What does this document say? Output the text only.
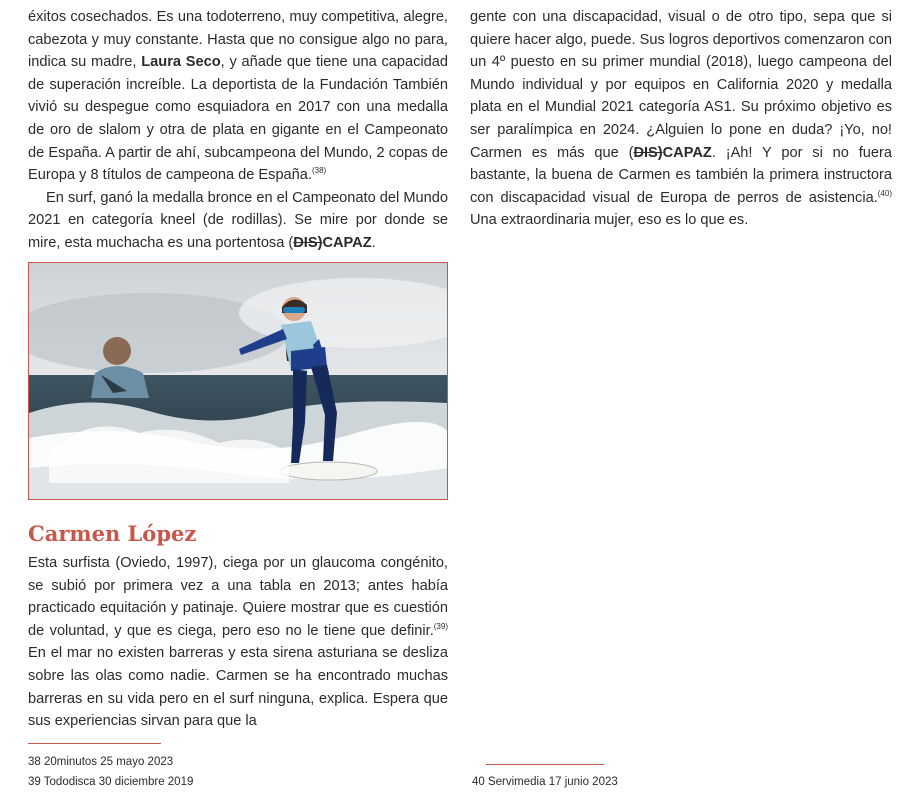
éxitos cosechados. Es una todoterreno, muy competitiva, alegre, cabezota y muy constante. Hasta que no consigue algo no para, indica su madre, Laura Seco, y añade que tiene una capacidad de superación increíble. La deportista de la Fundación También vivió su despegue como esquiadora en 2017 con una medalla de oro de slalom y otra de plata en gigante en el Campeonato de España. A partir de ahí, subcampeona del Mundo, 2 copas de Europa y 8 títulos de campeona de España.$^{(38)}$

En surf, ganó la medalla bronce en el Campeonato del Mundo 2021 en categoría kneel (de rodillas). Se mire por donde se mire, esta muchacha es una portentosa (DIS)CAPAZ.

Carmen López

Esta surfista (Oviedo, 1997), ciega por un glaucoma congénito, se subió por primera vez a una tabla en 2013; antes había practicado equitación y patinaje. Quiere mostrar que es cuestión de voluntad, y que es ciega, pero eso no le tiene que definir.$^{(39)}$ En el mar no existen barreras y esta sirena asturiana se desliza sobre las olas como nadie. Carmen se ha encontrado muchas barreras en su vida pero en el surf ninguna, explica. Espera que sus experiencias sirvan para que la

gente con una discapacidad, visual o de otro tipo, sepa que si quiere hacer algo, puede. Sus logros deportivos comenzaron con un 4º puesto en su primer mundial (2018), luego campeona del Mundo individual y por equipos en California 2020 y medalla plata en el Mundial 2021 categoría AS1. Su próximo objetivo es ser paralímpica en 2024. ¿Alguien lo pone en duda? ¡Yo, no! Carmen es más que (DIS)CAPAZ. ¡Ah! Y por si no fuera bastante, la buena de Carmen es también la primera instructora con discapacidad visual de Europa de perros de asistencia.$^{(40)}$ Una extraordinaria mujer, eso es lo que es.

38 20minutos 25 mayo 2023
39 Tododisca 30 diciembre 2019	40 Servimedia 17 junio 2023
